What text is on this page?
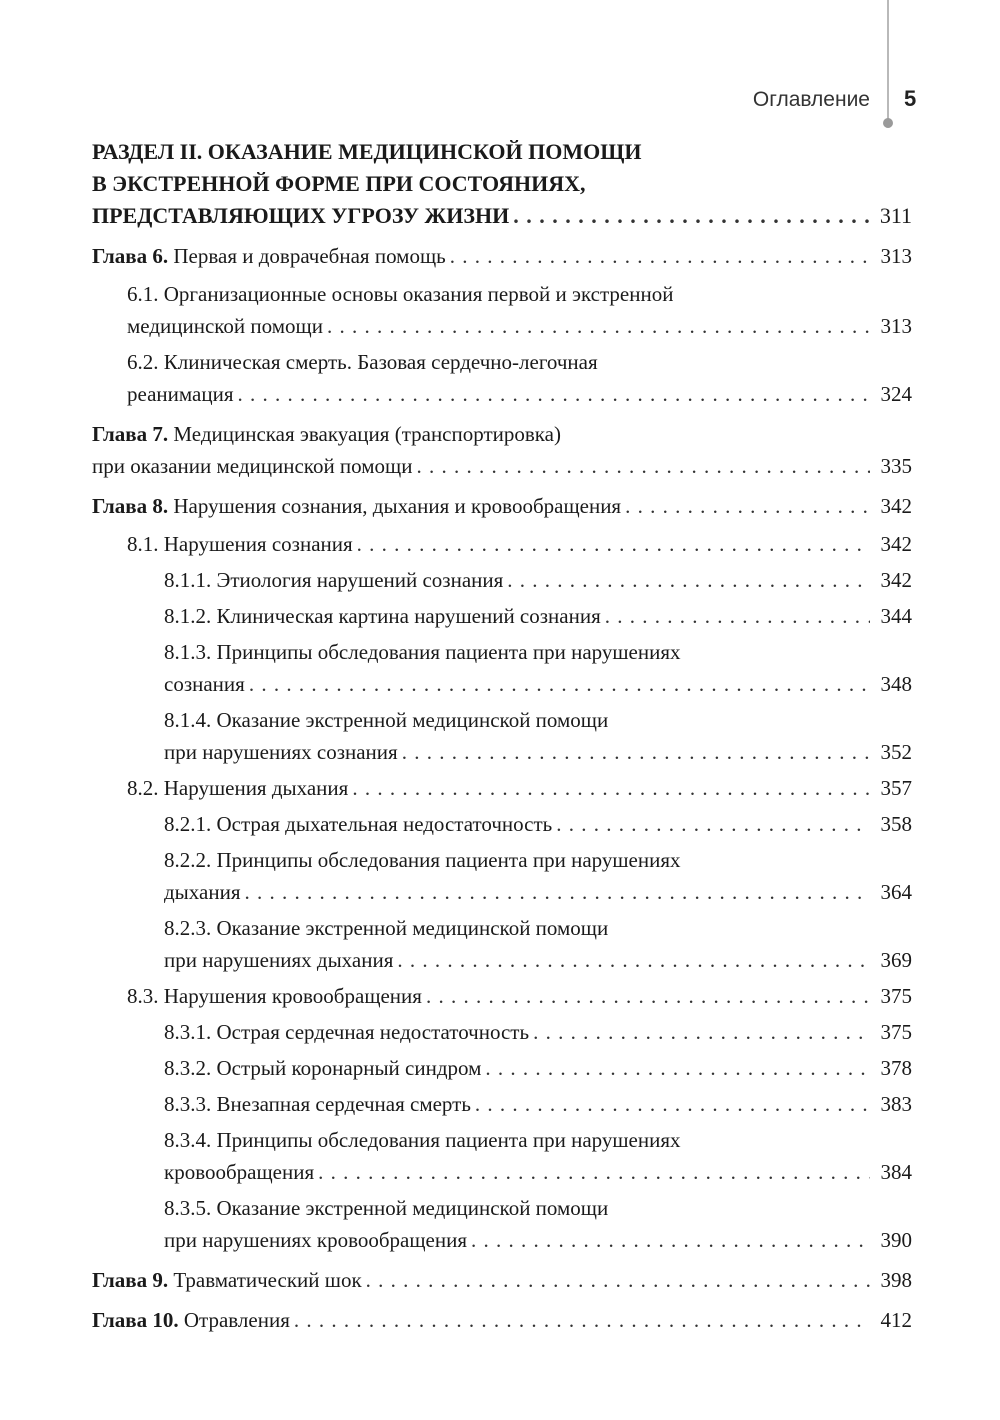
Оглавление 5
РАЗДЕЛ II. ОКАЗАНИЕ МЕДИЦИНСКОЙ ПОМОЩИ
В ЭКСТРЕННОЙ ФОРМЕ ПРИ СОСТОЯНИЯХ,
ПРЕДСТАВЛЯЮЩИХ УГРОЗУ ЖИЗНИ . . .	311
Глава 6. Первая и доврачебная помощь . . .	313
6.1. Организационные основы оказания первой и экстренной
медицинской помощи . . .	313
6.2. Клиническая смерть. Базовая сердечно-легочная
реанимация . . .	324
Глава 7. Медицинская эвакуация (транспортировка)
при оказании медицинской помощи . . .	335
Глава 8. Нарушения сознания, дыхания и кровообращения . . .	342
8.1. Нарушения сознания . . .	342
8.1.1. Этиология нарушений сознания . . .	342
8.1.2. Клиническая картина нарушений сознания . . .	344
8.1.3. Принципы обследования пациента при нарушениях
сознания . . .	348
8.1.4. Оказание экстренной медицинской помощи
при нарушениях сознания . . .	352
8.2. Нарушения дыхания . . .	357
8.2.1. Острая дыхательная недостаточность . . .	358
8.2.2. Принципы обследования пациента при нарушениях
дыхания . . .	364
8.2.3. Оказание экстренной медицинской помощи
при нарушениях дыхания . . .	369
8.3. Нарушения кровообращения . . .	375
8.3.1. Острая сердечная недостаточность . . .	375
8.3.2. Острый коронарный синдром . . .	378
8.3.3. Внезапная сердечная смерть . . .	383
8.3.4. Принципы обследования пациента при нарушениях
кровообращения . . .	384
8.3.5. Оказание экстренной медицинской помощи
при нарушениях кровообращения . . .	390
Глава 9. Травматический шок . . .	398
Глава 10. Отравления . . .	412
